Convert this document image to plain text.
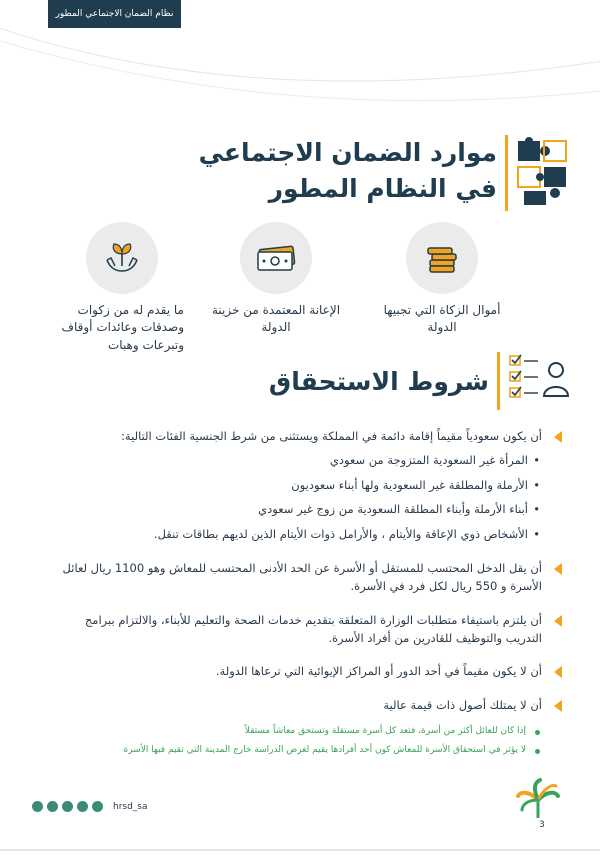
نظام الضمان الاجتماعي المطور
موارد الضمان الاجتماعي في النظام المطور
أموال الزكاة التي تجبيها الدولة
الإعانة المعتمدة من خزينة الدولة
ما يقدم له من زكوات وصدقات وعائدات أوقاف وتبرعات وهبات
شروط الاستحقاق
أن يكون سعودياً مقيماً إقامة دائمة في المملكة ويستثنى من شرط الجنسية الفئات التالية:
• المرأة غير السعودية المتزوجة من سعودي
• الأرملة والمطلقة غير السعودية ولها أبناء سعوديون
• أبناء الأرملة وأبناء المطلقة السعودية من زوج غير سعودي
• الأشخاص ذوي الإعاقة والأيتام ، والأرامل ذوات الأيتام الذين لديهم بطاقات تنقل.
أن يقل الدخل المحتسب للمستقل أو الأسرة عن الحد الأدنى المحتسب للمعاش وهو 1100 ريال لعائل الأسرة و 550 ريال لكل فرد في الأسرة.
أن يلتزم باستيفاء متطلبات الوزارة المتعلقة بتقديم خدمات الصحة والتعليم للأبناء، والالتزام ببرامج التدريب والتوظيف للقادرين من أفراد الأسرة.
أن لا يكون مقيماً في أحد الدور أو المراكز الإيوائية التي ترعاها الدولة.
أن لا يمتلك أصول ذات قيمة عالية
إذا كان للعائل أكثر من أسرة، فتعد كل أسرة مستقلة وتستحق معاشاً مستقلاً
لا يؤثر في استحقاق الأسرة للمعاش كون أحد أفرادها يقيم لغرض الدراسة خارج المدينة التي تقيم فيها الأسرة
hrsd_sa
3
